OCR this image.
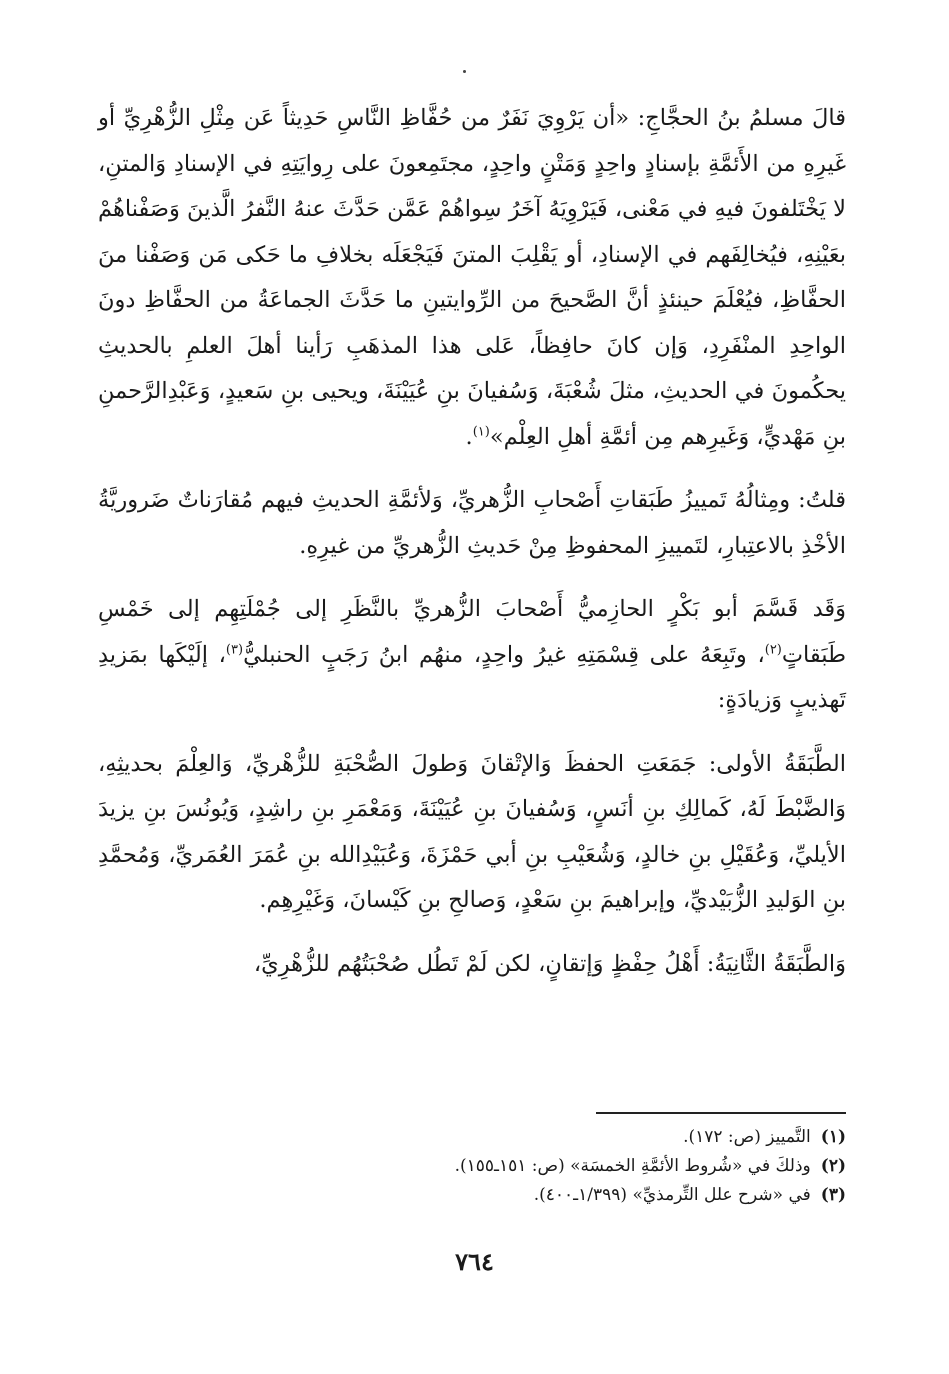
قالَ مسلمُ بنُ الحجَّاجِ: «أن يَرْوِيَ نَفَرٌ من حُفَّاظِ النَّاسِ حَدِيثاً عَن مِثْلِ الزُّهْرِيِّ أو غَيرِهِ من الأَئمَّةِ بإسنادٍ واحِدٍ وَمَتْنٍ واحِدٍ، مجتَمِعونَ على رِوايَتِهِ في الإسنادِ وَالمتنِ، لا يَخْتَلفونَ فيهِ في مَعْنى، فَيَرْوِيَهُ آخَرُ سِواهُمْ عَمَّن حَدَّثَ عنهُ النَّفرُ الَّذينَ وَصَفْناهُمْ بعَيْنِهِ، فيُخالِفَهم في الإسنادِ، أو يَقْلِبَ المتنَ فَيَجْعَلَه بخلافِ ما حَكى مَن وَصَفْنا منَ الحفَّاظِ، فيُعْلَمَ حينئذٍ أنَّ الصَّحيحَ من الرِّوايتينِ ما حَدَّثَ الجماعَةُ من الحفَّاظِ دونَ الواحِدِ المنْفَرِدِ، وَإن كانَ حافِظاً، عَلى هذا المذهَبِ رَأينا أهلَ العلمِ بالحديثِ يحكُمونَ في الحديثِ، مثلَ شُعْبَةَ، وَسُفيانَ بنِ عُيَيْنَةَ، ويحيى بنِ سَعيدٍ، وَعَبْدِالرَّحمنِ بنِ مَهْديٍّ، وَغَيرِهم مِن أئمَّةِ أهلِ العِلْم»$^{(١)}$.
قلتُ: ومِثالُهُ تَمييزُ طَبَقاتِ أَصْحابِ الزُّهريِّ، وَلأئمَّةِ الحديثِ فيهم مُقارَناتٌ ضَروريَّةُ الأخْذِ بالاعتِبارِ، لتَمييزِ المحفوظِ مِنْ حَديثِ الزُّهريِّ من غيرِهِ.
وَقَد قَسَّمَ أبو بَكْرٍ الحازِميُّ أَصْحابَ الزُّهريِّ بالنَّظَرِ إلى جُمْلَتِهِم إلى خَمْسِ طَبَقاتٍ$^{(٢)}$، وتَبِعَهُ على قِسْمَتِهِ غيرُ واحِدٍ، منهُم ابنُ رَجَبٍ الحنبليُّ$^{(٣)}$، إلَيْكَها بمَزيدِ تَهذيبٍ وَزيادَةٍ:
الطَّبَقَةُ الأولى: جَمَعَتِ الحفظَ وَالإتْقانَ وَطولَ الصُّحْبَةِ للزُّهْريِّ، وَالعِلْمَ بحديثِهِ، وَالضَّبْطَ لَهُ، كَمالِكِ بنِ أنَسٍ، وَسُفيانَ بنِ عُيَيْنَةَ، وَمَعْمَرِ بنِ راشِدٍ، وَيُونُسَ بنِ يزيدَ الأيليِّ، وَعُقَيْلِ بنِ خالدٍ، وَشُعَيْبِ بنِ أبي حَمْزَةَ، وَعُبَيْدِالله بنِ عُمَرَ العُمَريِّ، وَمُحمَّدِ بنِ الوَليدِ الزُّبَيْديِّ، وإبراهيمَ بنِ سَعْدٍ، وَصالحِ بنِ كَيْسانَ، وَغَيْرِهِم.
وَالطَّبَقَةُ الثَّانِيَةُ: أَهْلُ حِفْظٍ وَإتقانٍ، لكن لَمْ تَطُل صُحْبَتُهُم للزُّهْرِيِّ،

(١)التَّمييز (ص: ١٧٢).

(٢)وذلكَ في «شُروط الأئمَّةِ الخمسَة» (ص: ١٥١ـ١٥٥).

(٣)في «شرح علل التِّرمذيِّ» (١/٣٩٩ـ٤٠٠).

٧٦٤
